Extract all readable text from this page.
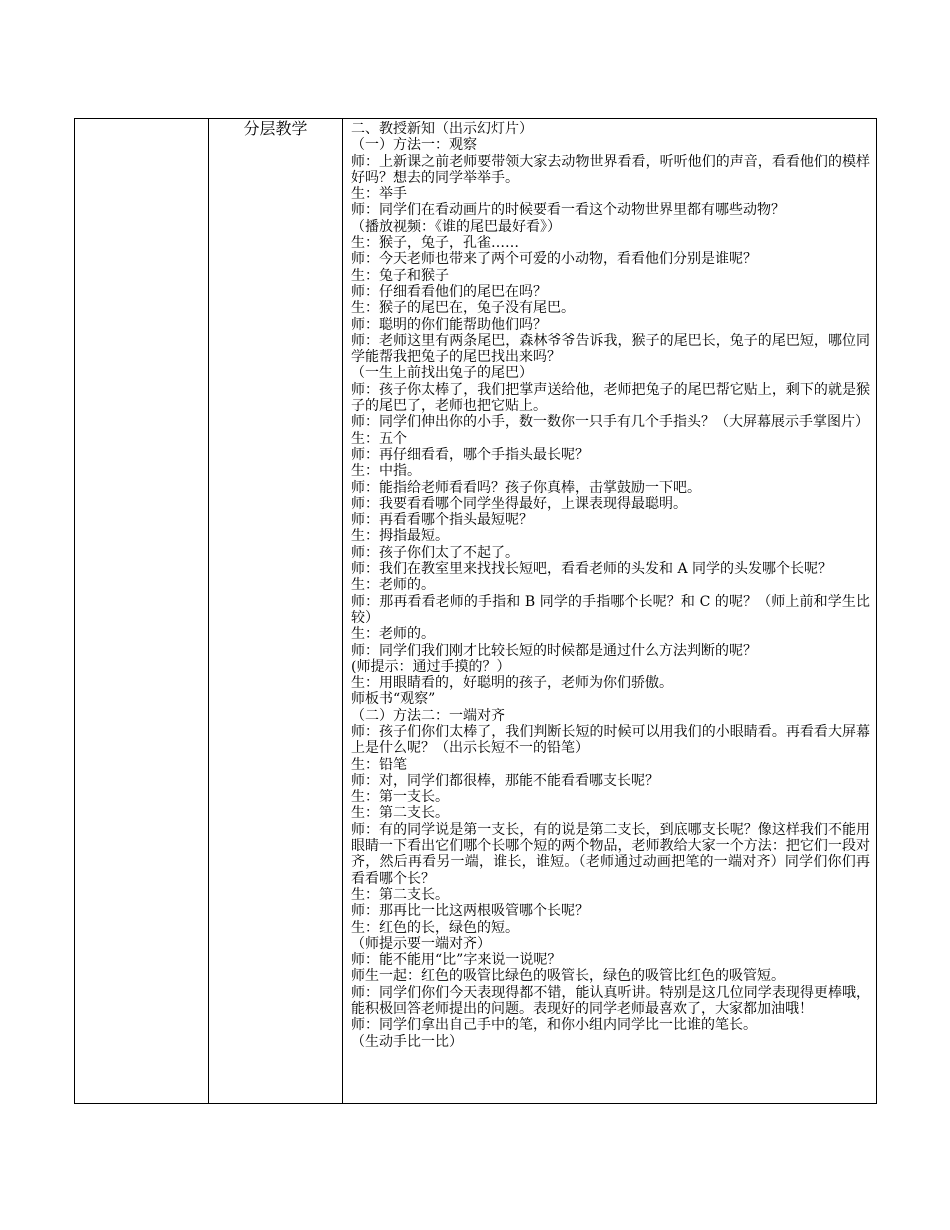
	分层教学	二、教授新知（出示幻灯片）
（一）方法一：观察
师：上新课之前老师要带领大家去动物世界看看，听听他们的声音，看看他们的模样好吗？想去的同学举举手。
生：举手
师：同学们在看动画片的时候要看一看这个动物世界里都有哪些动物？
（播放视频：《谁的尾巴最好看》）
生：猴子，兔子，孔雀……
师：今天老师也带来了两个可爱的小动物，看看他们分别是谁呢？
生：兔子和猴子
师：仔细看看他们的尾巴在吗？
生：猴子的尾巴在，兔子没有尾巴。
师：聪明的你们能帮助他们吗？
师：老师这里有两条尾巴，森林爷爷告诉我，猴子的尾巴长，兔子的尾巴短，哪位同学能帮我把兔子的尾巴找出来吗？
（一生上前找出兔子的尾巴）
师：孩子你太棒了，我们把掌声送给他，老师把兔子的尾巴帮它贴上，剩下的就是猴子的尾巴了，老师也把它贴上。
师：同学们伸出你的小手，数一数你一只手有几个手指头？（大屏幕展示手掌图片）
生：五个
师：再仔细看看，哪个手指头最长呢？
生：中指。
师：能指给老师看看吗？孩子你真棒，击掌鼓励一下吧。
师：我要看看哪个同学坐得最好，上课表现得最聪明。
师：再看看哪个指头最短呢？
生：拇指最短。
师：孩子你们太了不起了。
师：我们在教室里来找找长短吧，看看老师的头发和 A 同学的头发哪个长呢？
生：老师的。
师：那再看看老师的手指和 B 同学的手指哪个长呢？和 C 的呢？（师上前和学生比较）
生：老师的。
师：同学们我们刚才比较长短的时候都是通过什么方法判断的呢？
(师提示：通过手摸的？）
生：用眼睛看的，好聪明的孩子，老师为你们骄傲。
师板书“观察”
（二）方法二：一端对齐
师：孩子们你们太棒了，我们判断长短的时候可以用我们的小眼睛看。再看看大屏幕上是什么呢？（出示长短不一的铅笔）
生：铅笔
师：对，同学们都很棒，那能不能看看哪支长呢？
生：第一支长。
生：第二支长。
师：有的同学说是第一支长，有的说是第二支长，到底哪支长呢？像这样我们不能用眼睛一下看出它们哪个长哪个短的两个物品，老师教给大家一个方法：把它们一段对齐，然后再看另一端，谁长，谁短。（老师通过动画把笔的一端对齐）同学们你们再看看哪个长？
生：第二支长。
师：那再比一比这两根吸管哪个长呢？
生：红色的长，绿色的短。
（师提示要一端对齐）
师：能不能用“比”字来说一说呢？
师生一起：红色的吸管比绿色的吸管长，绿色的吸管比红色的吸管短。
师：同学们你们今天表现得都不错，能认真听讲。特别是这几位同学表现得更棒哦，能积极回答老师提出的问题。表现好的同学老师最喜欢了，大家都加油哦！
师：同学们拿出自己手中的笔，和你小组内同学比一比谁的笔长。
（生动手比一比）
